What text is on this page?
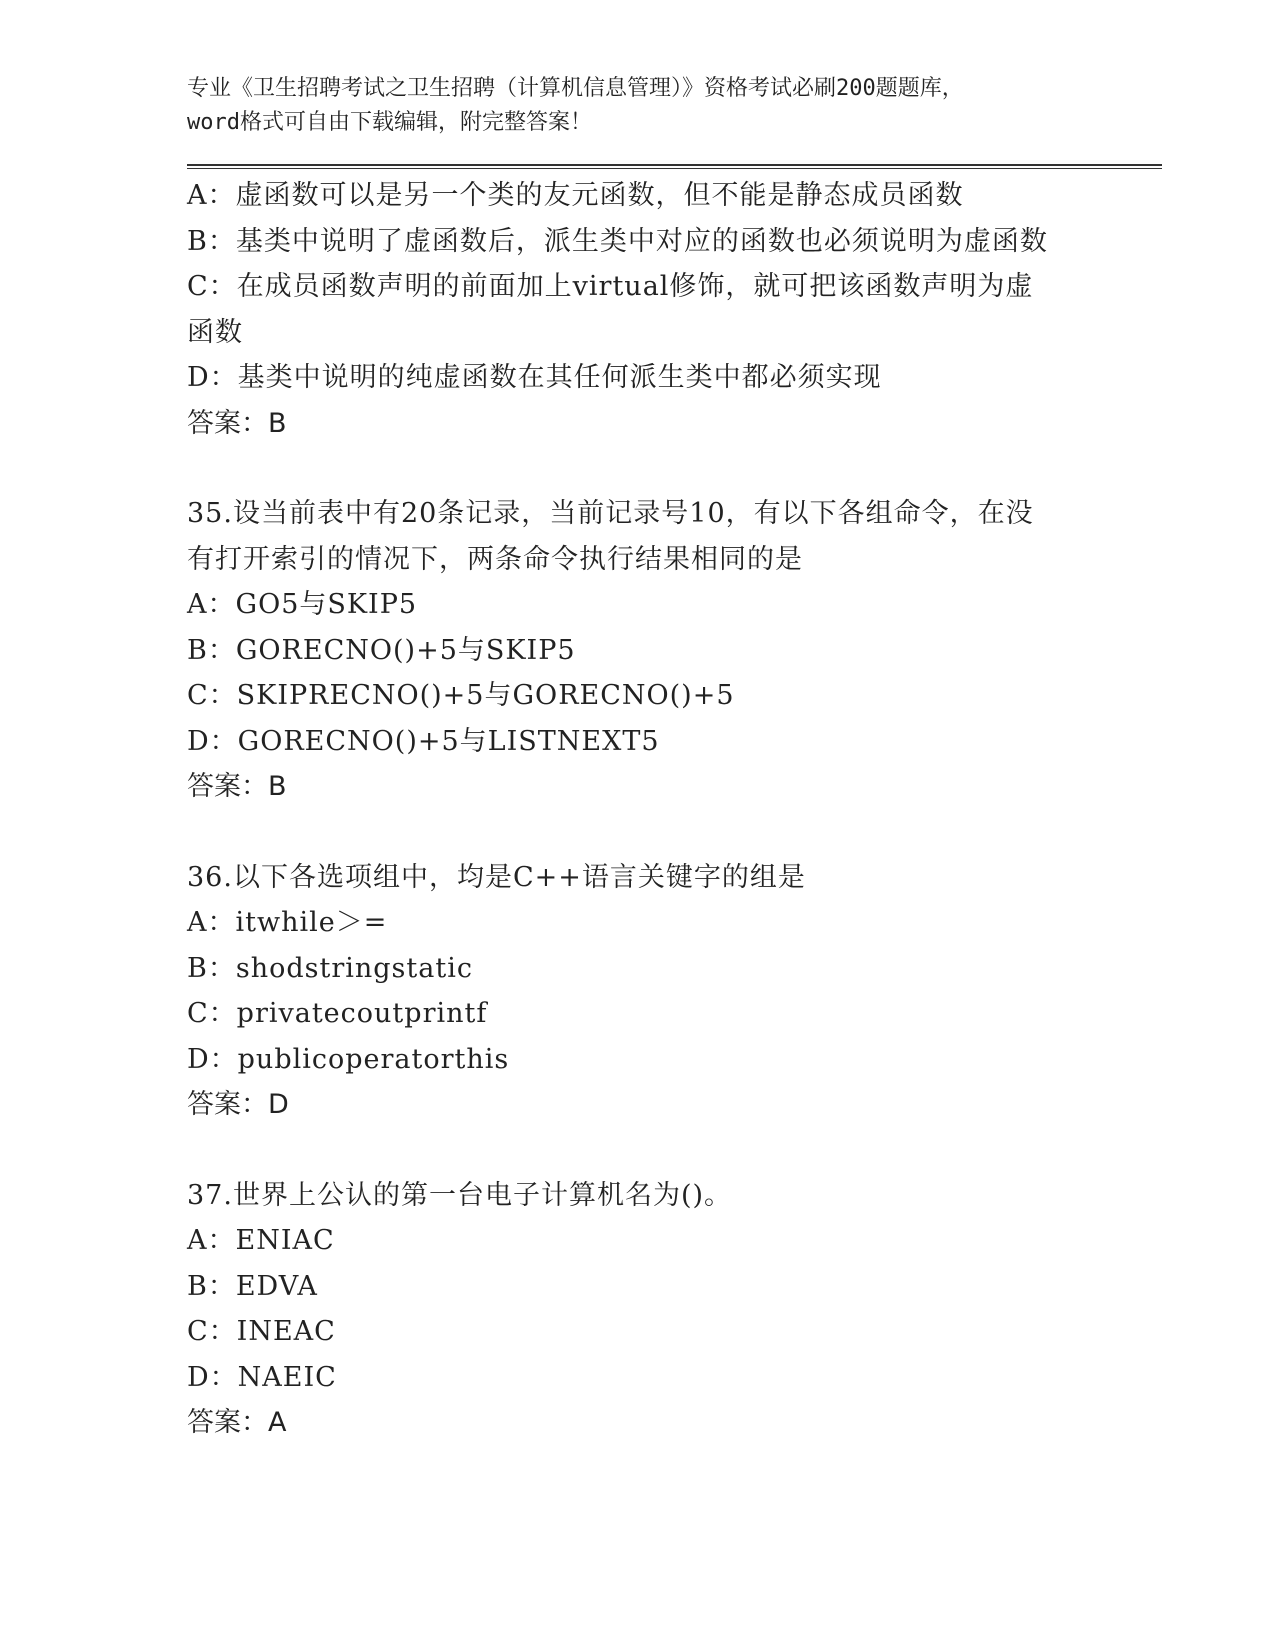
专业《卫生招聘考试之卫生招聘（计算机信息管理）》资格考试必刷200题题库，

word格式可自由下载编辑，附完整答案！

A：虚函数可以是另一个类的友元函数，但不能是静态成员函数

B：基类中说明了虚函数后，派生类中对应的函数也必须说明为虚函数

C：在成员函数声明的前面加上virtual修饰，就可把该函数声明为虚

函数

D：基类中说明的纯虚函数在其任何派生类中都必须实现

答案：B

35.设当前表中有20条记录，当前记录号10，有以下各组命令，在没

有打开索引的情况下，两条命令执行结果相同的是

A：GO5与SKIP5

B：GORECNO()+5与SKIP5

C：SKIPRECNO()+5与GORECNO()+5

D：GORECNO()+5与LISTNEXT5

答案：B

36.以下各选项组中，均是C++语言关键字的组是

A：itwhile＞=

B：shodstringstatic

C：privatecoutprintf

D：publicoperatorthis

答案：D

37.世界上公认的第一台电子计算机名为()。

A：ENIAC

B：EDVA

C：INEAC

D：NAEIC

答案：A
